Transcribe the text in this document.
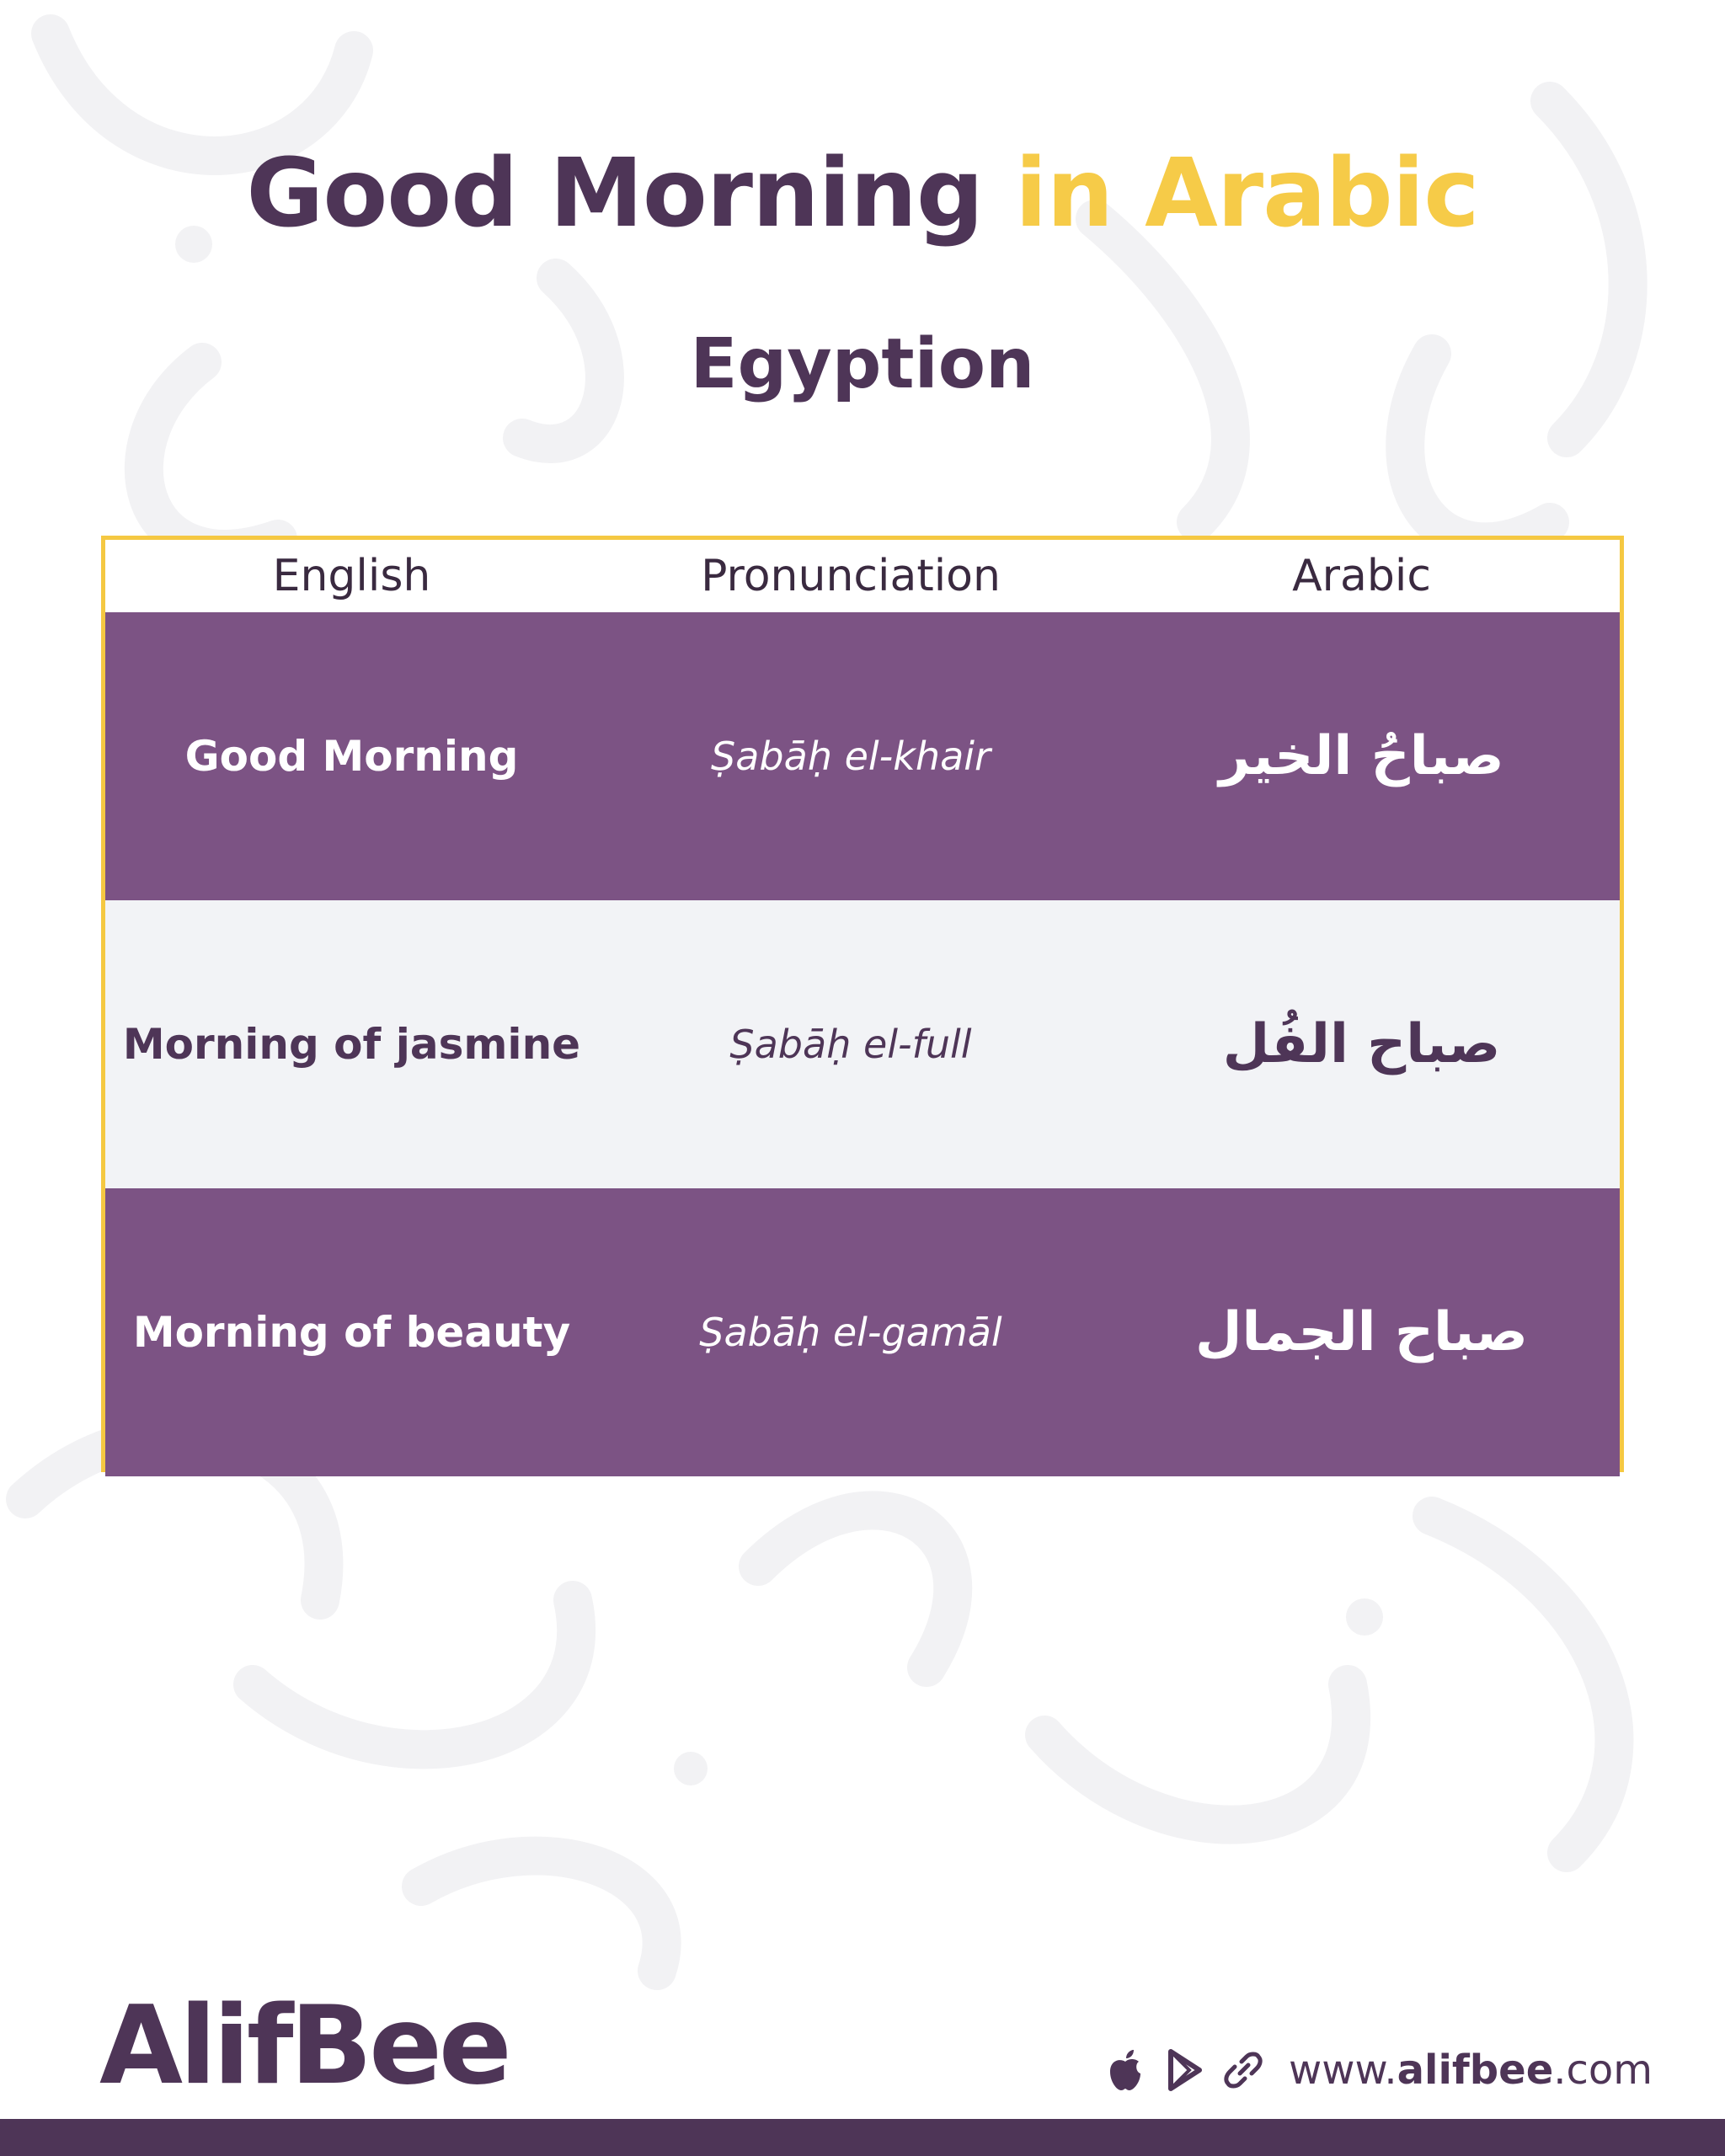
Good Morning in Arabic
Egyption
English	Pronunciation	Arabic
Good Morning	Ṣabāḥ el-khair	صباحُ الخير
Morning of jasmine	Ṣabāḥ el-full	صباح الفُل
Morning of beauty	Ṣabāḥ el-gamāl	صباح الجمال
AlifBee	www.alifbee.com
